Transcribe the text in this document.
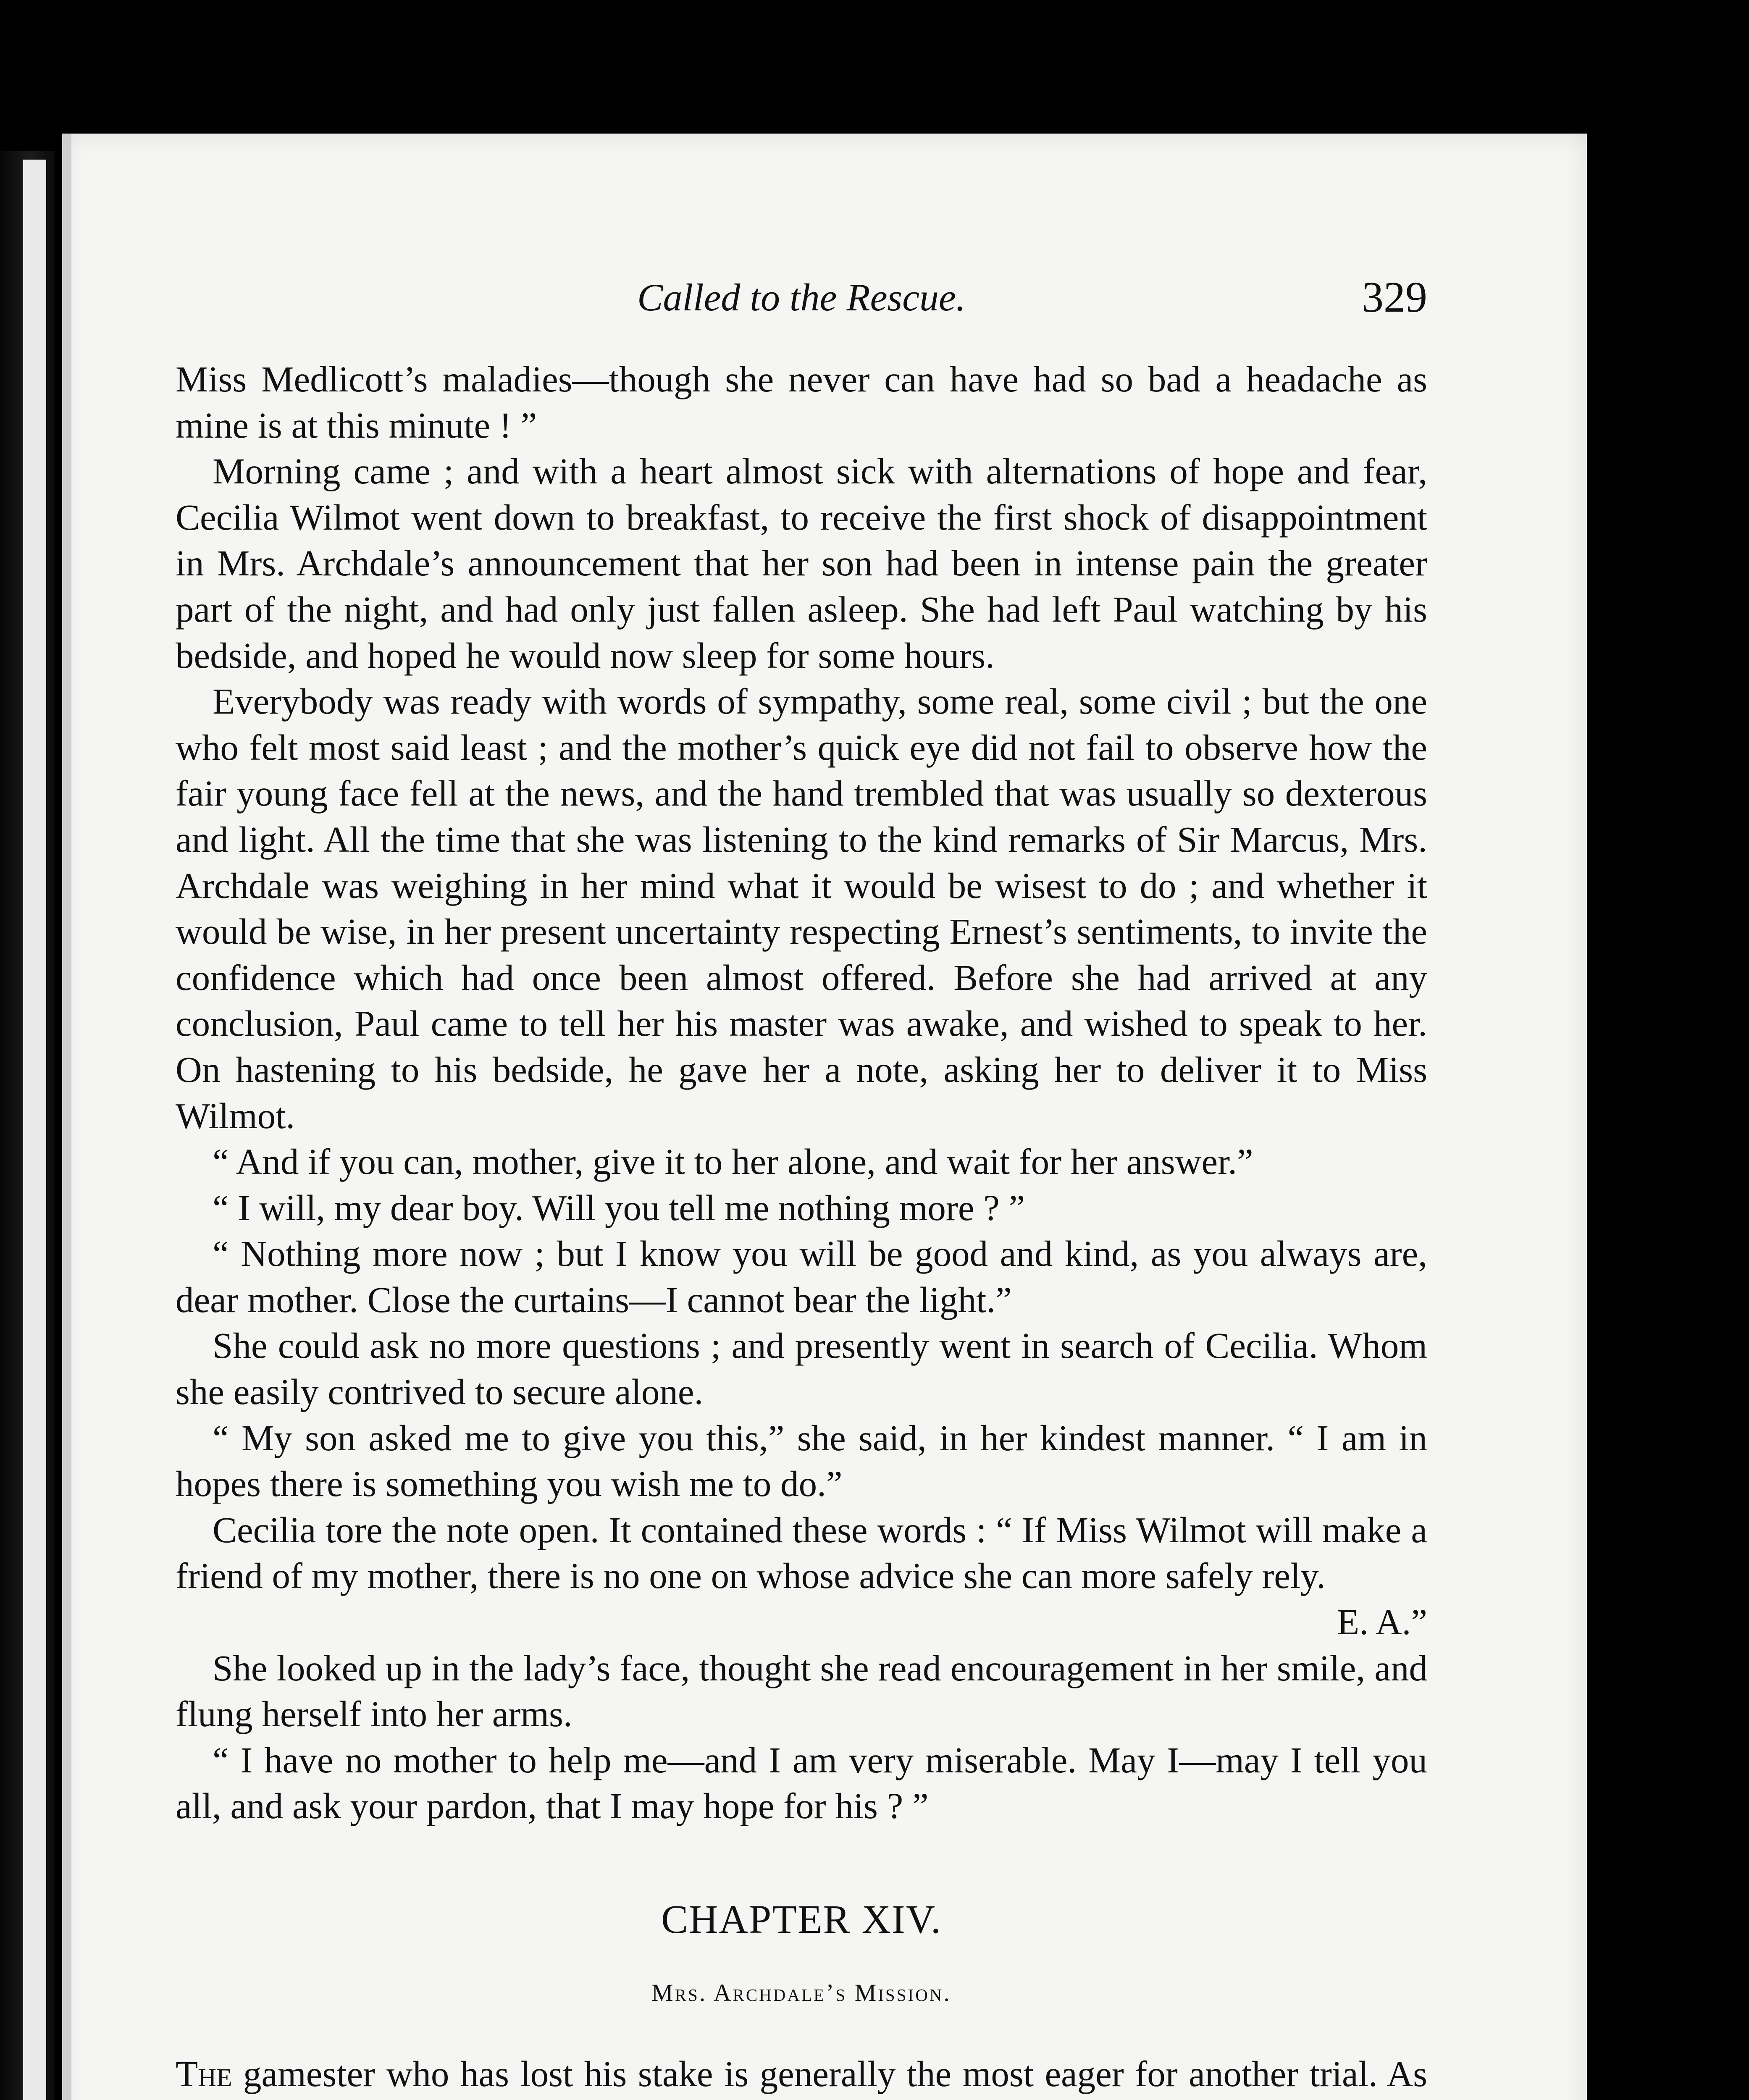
Called to the Rescue.	329

Miss Medlicott’s maladies—though she never can have had so bad a headache as mine is at this minute ! ”

Morning came ; and with a heart almost sick with alternations of hope and fear, Cecilia Wilmot went down to breakfast, to receive the first shock of disappointment in Mrs. Archdale’s announcement that her son had been in intense pain the greater part of the night, and had only just fallen asleep. She had left Paul watching by his bedside, and hoped he would now sleep for some hours.

Everybody was ready with words of sympathy, some real, some civil ; but the one who felt most said least ; and the mother’s quick eye did not fail to observe how the fair young face fell at the news, and the hand trembled that was usually so dexterous and light. All the time that she was listening to the kind remarks of Sir Marcus, Mrs. Archdale was weighing in her mind what it would be wisest to do ; and whether it would be wise, in her present uncertainty respecting Ernest’s sentiments, to invite the confidence which had once been almost offered. Before she had arrived at any conclusion, Paul came to tell her his master was awake, and wished to speak to her. On hastening to his bedside, he gave her a note, asking her to deliver it to Miss Wilmot.

“ And if you can, mother, give it to her alone, and wait for her answer.”

“ I will, my dear boy. Will you tell me nothing more ? ”

“ Nothing more now ; but I know you will be good and kind, as you always are, dear mother. Close the curtains—I cannot bear the light.”

She could ask no more questions ; and presently went in search of Cecilia. Whom she easily contrived to secure alone.

“ My son asked me to give you this,” she said, in her kindest manner. “ I am in hopes there is something you wish me to do.”

Cecilia tore the note open. It contained these words : “ If Miss Wilmot will make a friend of my mother, there is no one on whose advice she can more safely rely.
E. A.”

She looked up in the lady’s face, thought she read encouragement in her smile, and flung herself into her arms.

“ I have no mother to help me—and I am very miserable. May I—may I tell you all, and ask your pardon, that I may hope for his ? ”

CHAPTER XIV.
Mrs. Archdale’s Mission.

The gamester who has lost his stake is generally the most eager for another trial. As
